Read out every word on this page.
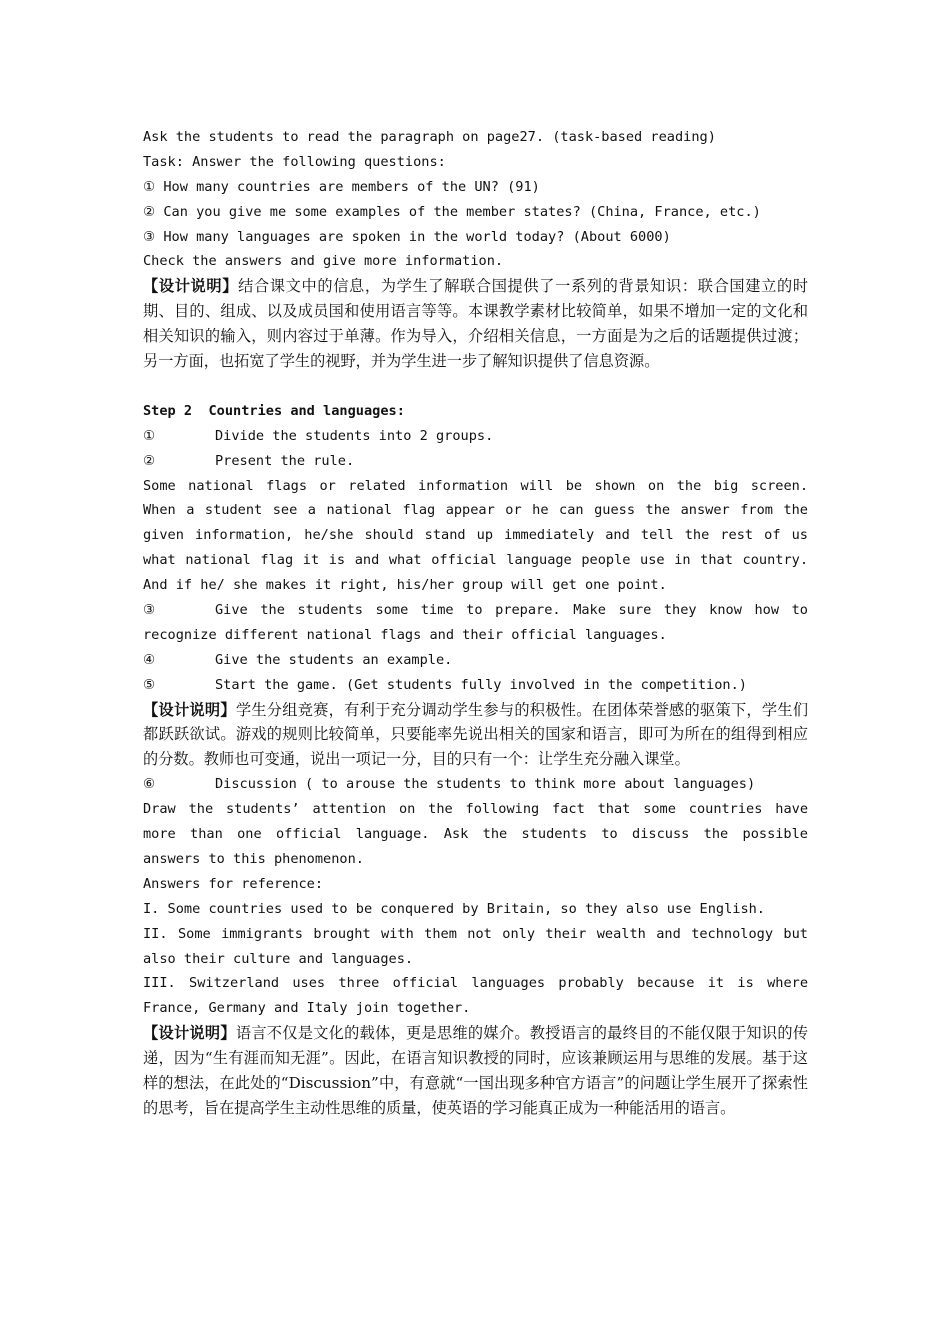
Ask the students to read the paragraph on page27. (task-based reading)
Task: Answer the following questions:
① How many countries are members of the UN? (91)
② Can you give me some examples of the member states? (China, France, etc.)
③ How many languages are spoken in the world today? (About 6000)
Check the answers and give more information.
【设计说明】结合课文中的信息，为学生了解联合国提供了一系列的背景知识：联合国建立的时期、目的、组成、以及成员国和使用语言等等。本课教学素材比较简单，如果不增加一定的文化和相关知识的输入，则内容过于单薄。作为导入，介绍相关信息，一方面是为之后的话题提供过渡；另一方面，也拓宽了学生的视野，并为学生进一步了解知识提供了信息资源。
Step 2  Countries and languages:
①	Divide the students into 2 groups.
②	Present the rule.
Some national flags or related information will be shown on the big screen.
When a student see a national flag appear or he can guess the answer from the
given information, he/she should stand up immediately and tell the rest of us
what national flag it is and what official language people use in that country.
And if he/ she makes it right, his/her group will get one point.
③	Give the students some time to prepare. Make sure they know how to
recognize different national flags and their official languages.
④	Give the students an example.
⑤	Start the game. (Get students fully involved in the competition.)
【设计说明】学生分组竞赛，有利于充分调动学生参与的积极性。在团体荣誉感的驱策下，学生们都跃跃欲试。游戏的规则比较简单，只要能率先说出相关的国家和语言，即可为所在的组得到相应的分数。教师也可变通，说出一项记一分，目的只有一个：让学生充分融入课堂。
⑥	Discussion ( to arouse the students to think more about languages)
Draw the students’ attention on the following fact that some countries have
more than one official language. Ask the students to discuss the possible
answers to this phenomenon.
Answers for reference:
I. Some countries used to be conquered by Britain, so they also use English.
II. Some immigrants brought with them not only their wealth and technology but
also their culture and languages.
III. Switzerland uses three official languages probably because it is where
France, Germany and Italy join together.
【设计说明】语言不仅是文化的载体，更是思维的媒介。教授语言的最终目的不能仅限于知识的传递，因为“生有涯而知无涯”。因此，在语言知识教授的同时，应该兼顾运用与思维的发展。基于这样的想法，在此处的“Discussion”中，有意就“一国出现多种官方语言”的问题让学生展开了探索性的思考，旨在提高学生主动性思维的质量，使英语的学习能真正成为一种能活用的语言。
